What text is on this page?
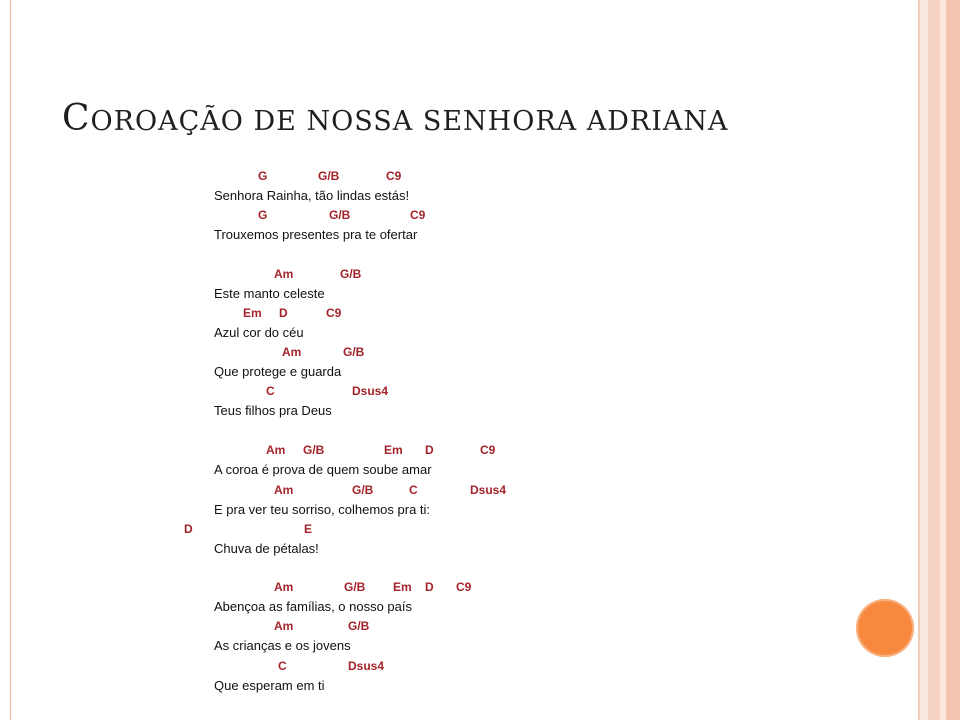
COROAÇÃO DE NOSSA SENHORA ADRIANA
G	G/B	C9
Senhora Rainha, tão lindas estás!
G	G/B	C9
Trouxemos presentes pra te ofertar
Am	G/B
Este manto celeste
Em D	C9
Azul cor do céu
Am	G/B
Que protege e guarda
C	Dsus4
Teus filhos pra Deus
Am G/B	Em D	C9
A coroa é prova de quem soube amar
Am	G/B	C	Dsus4
E pra ver teu sorriso, colhemos pra ti:
E
D
Chuva de pétalas!
Am	G/B Em D C9
Abençoa as famílias, o nosso país
Am	G/B
As crianças e os jovens
C	Dsus4
Que esperam em ti
